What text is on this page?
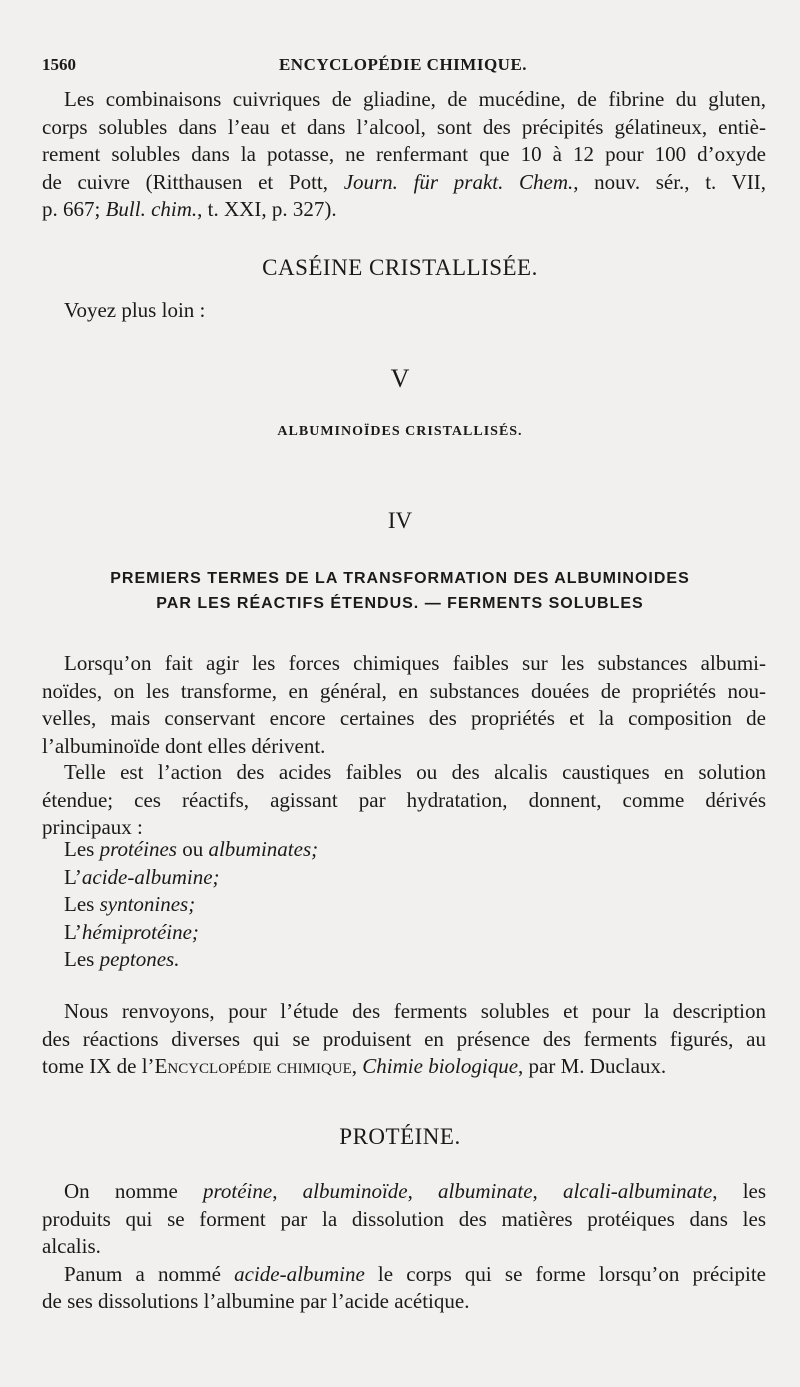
1560	ENCYCLOPÉDIE CHIMIQUE.
Les combinaisons cuivriques de gliadine, de mucédine, de fibrine du gluten,
corps solubles dans l’eau et dans l’alcool, sont des précipités gélatineux, entiè-
rement solubles dans la potasse, ne renfermant que 10 à 12 pour 100 d’oxyde
de cuivre (Ritthausen et Pott, Journ. für prakt. Chem., nouv. sér., t. VII,
p. 667; Bull. chim., t. XXI, p. 327).
CASÉINE CRISTALLISÉE.
Voyez plus loin :
V
ALBUMINOÏDES CRISTALLISÉS.
IV
PREMIERS TERMES DE LA TRANSFORMATION DES ALBUMINOIDES
PAR LES RÉACTIFS ÉTENDUS. — FERMENTS SOLUBLES
Lorsqu’on fait agir les forces chimiques faibles sur les substances albumi-
noïdes, on les transforme, en général, en substances douées de propriétés nou-
velles, mais conservant encore certaines des propriétés et la composition de
l’albuminoïde dont elles dérivent.
Telle est l’action des acides faibles ou des alcalis caustiques en solution
étendue; ces réactifs, agissant par hydratation, donnent, comme dérivés
principaux :
Les protéines ou albuminates;
L’acide-albumine;
Les syntonines;
L’hémiprotéine;
Les peptones.
Nous renvoyons, pour l’étude des ferments solubles et pour la description
des réactions diverses qui se produisent en présence des ferments figurés, au
tome IX de l’Encyclopédie chimique, Chimie biologique, par M. Duclaux.
PROTÉINE.
On nomme protéine, albuminoïde, albuminate, alcali-albuminate, les
produits qui se forment par la dissolution des matières protéiques dans les
alcalis.
Panum a nommé acide-albumine le corps qui se forme lorsqu’on précipite
de ses dissolutions l’albumine par l’acide acétique.
